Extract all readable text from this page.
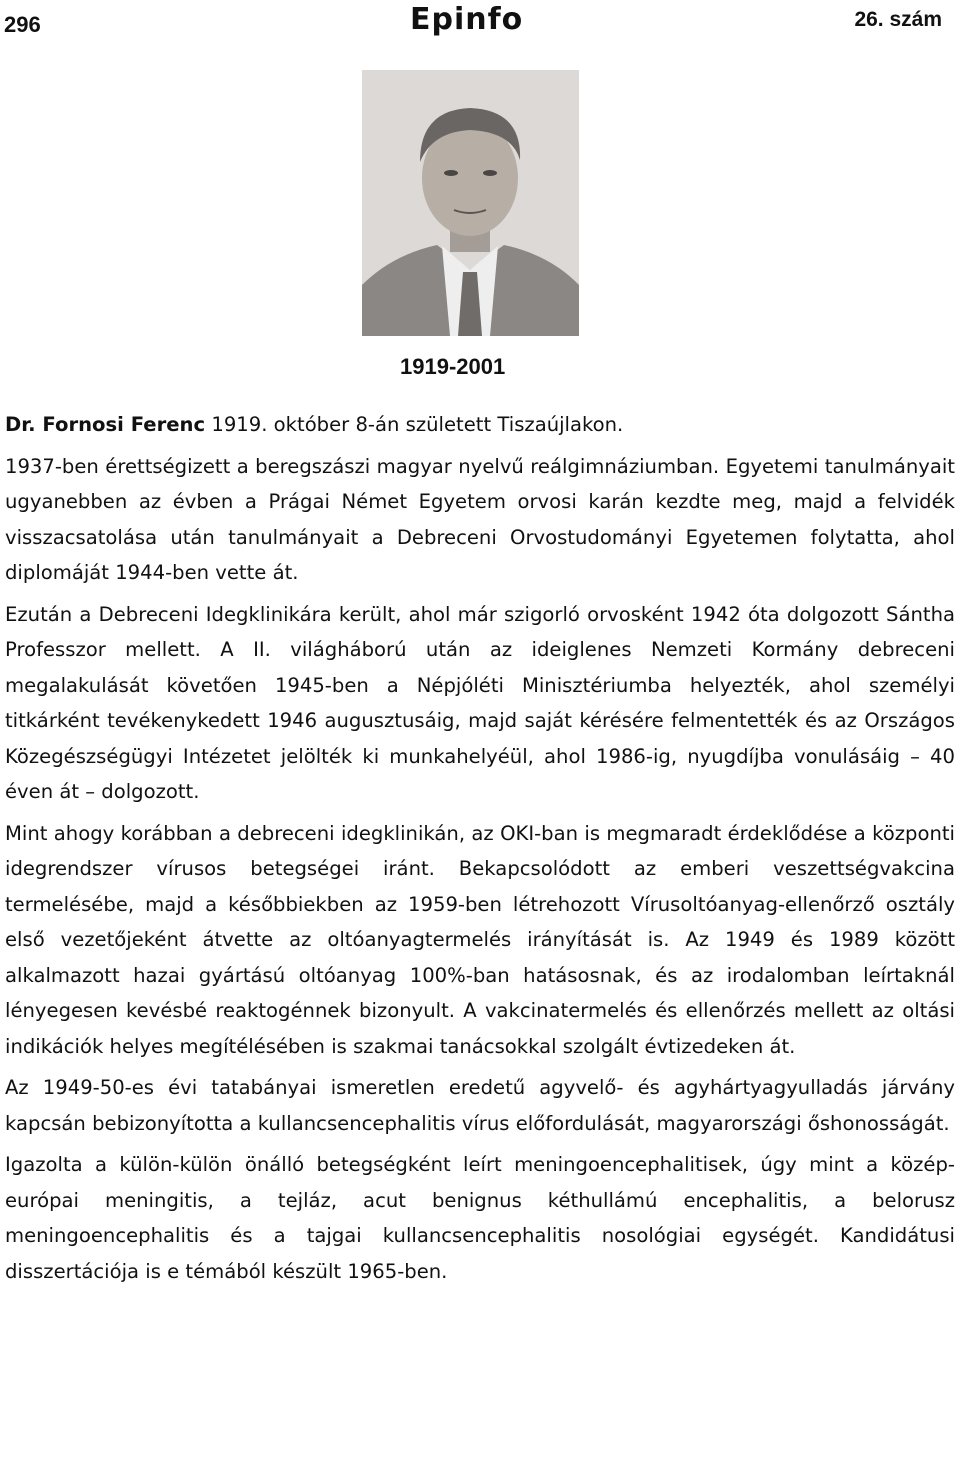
296	Epinfo	26. szám
1919-2001

Dr. Fornosi Ferenc 1919. október 8-án született Tiszaújlakon.

1937-ben érettségizett a beregszászi magyar nyelvű reálgimnáziumban. Egyetemi tanulmányait ugyanebben az évben a Prágai Német Egyetem orvosi karán kezdte meg, majd a felvidék visszacsatolása után tanulmányait a Debreceni Orvostudományi Egyetemen folytatta, ahol diplomáját 1944-ben vette át.

Ezután a Debreceni Idegklinikára került, ahol már szigorló orvosként 1942 óta dolgozott Sántha Professzor mellett. A II. világháború után az ideiglenes Nemzeti Kormány debreceni megalakulását követően 1945-ben a Népjóléti Minisztériumba helyezték, ahol személyi titkárként tevékenykedett 1946 augusztusáig, majd saját kérésére felmentették és az Országos Közegészségügyi Intézetet jelölték ki munkahelyéül, ahol 1986-ig, nyugdíjba vonulásáig – 40 éven át – dolgozott.

Mint ahogy korábban a debreceni idegklinikán, az OKI-ban is megmaradt érdeklődése a központi idegrendszer vírusos betegségei iránt. Bekapcsolódott az emberi veszettségvakcina termelésébe, majd a későbbiekben az 1959-ben létrehozott Vírusoltóanyag-ellenőrző osztály első vezetőjeként átvette az oltóanyagtermelés irányítását is. Az 1949 és 1989 között alkalmazott hazai gyártású oltóanyag 100%-ban hatásosnak, és az irodalomban leírtaknál lényegesen kevésbé reaktogénnek bizonyult. A vakcinatermelés és ellenőrzés mellett az oltási indikációk helyes megítélésében is szakmai tanácsokkal szolgált évtizedeken át.

Az 1949-50-es évi tatabányai ismeretlen eredetű agyvelő- és agyhártyagyulladás járvány kapcsán bebizonyította a kullancsencephalitis vírus előfordulását, magyarországi őshonosságát.

Igazolta a külön-külön önálló betegségként leírt meningoencephalitisek, úgy mint a közép-európai meningitis, a tejláz, acut benignus kéthullámú encephalitis, a belorusz meningoencephalitis és a tajgai kullancsencephalitis nosológiai egységét. Kandidátusi disszertációja is e témából készült 1965-ben.
